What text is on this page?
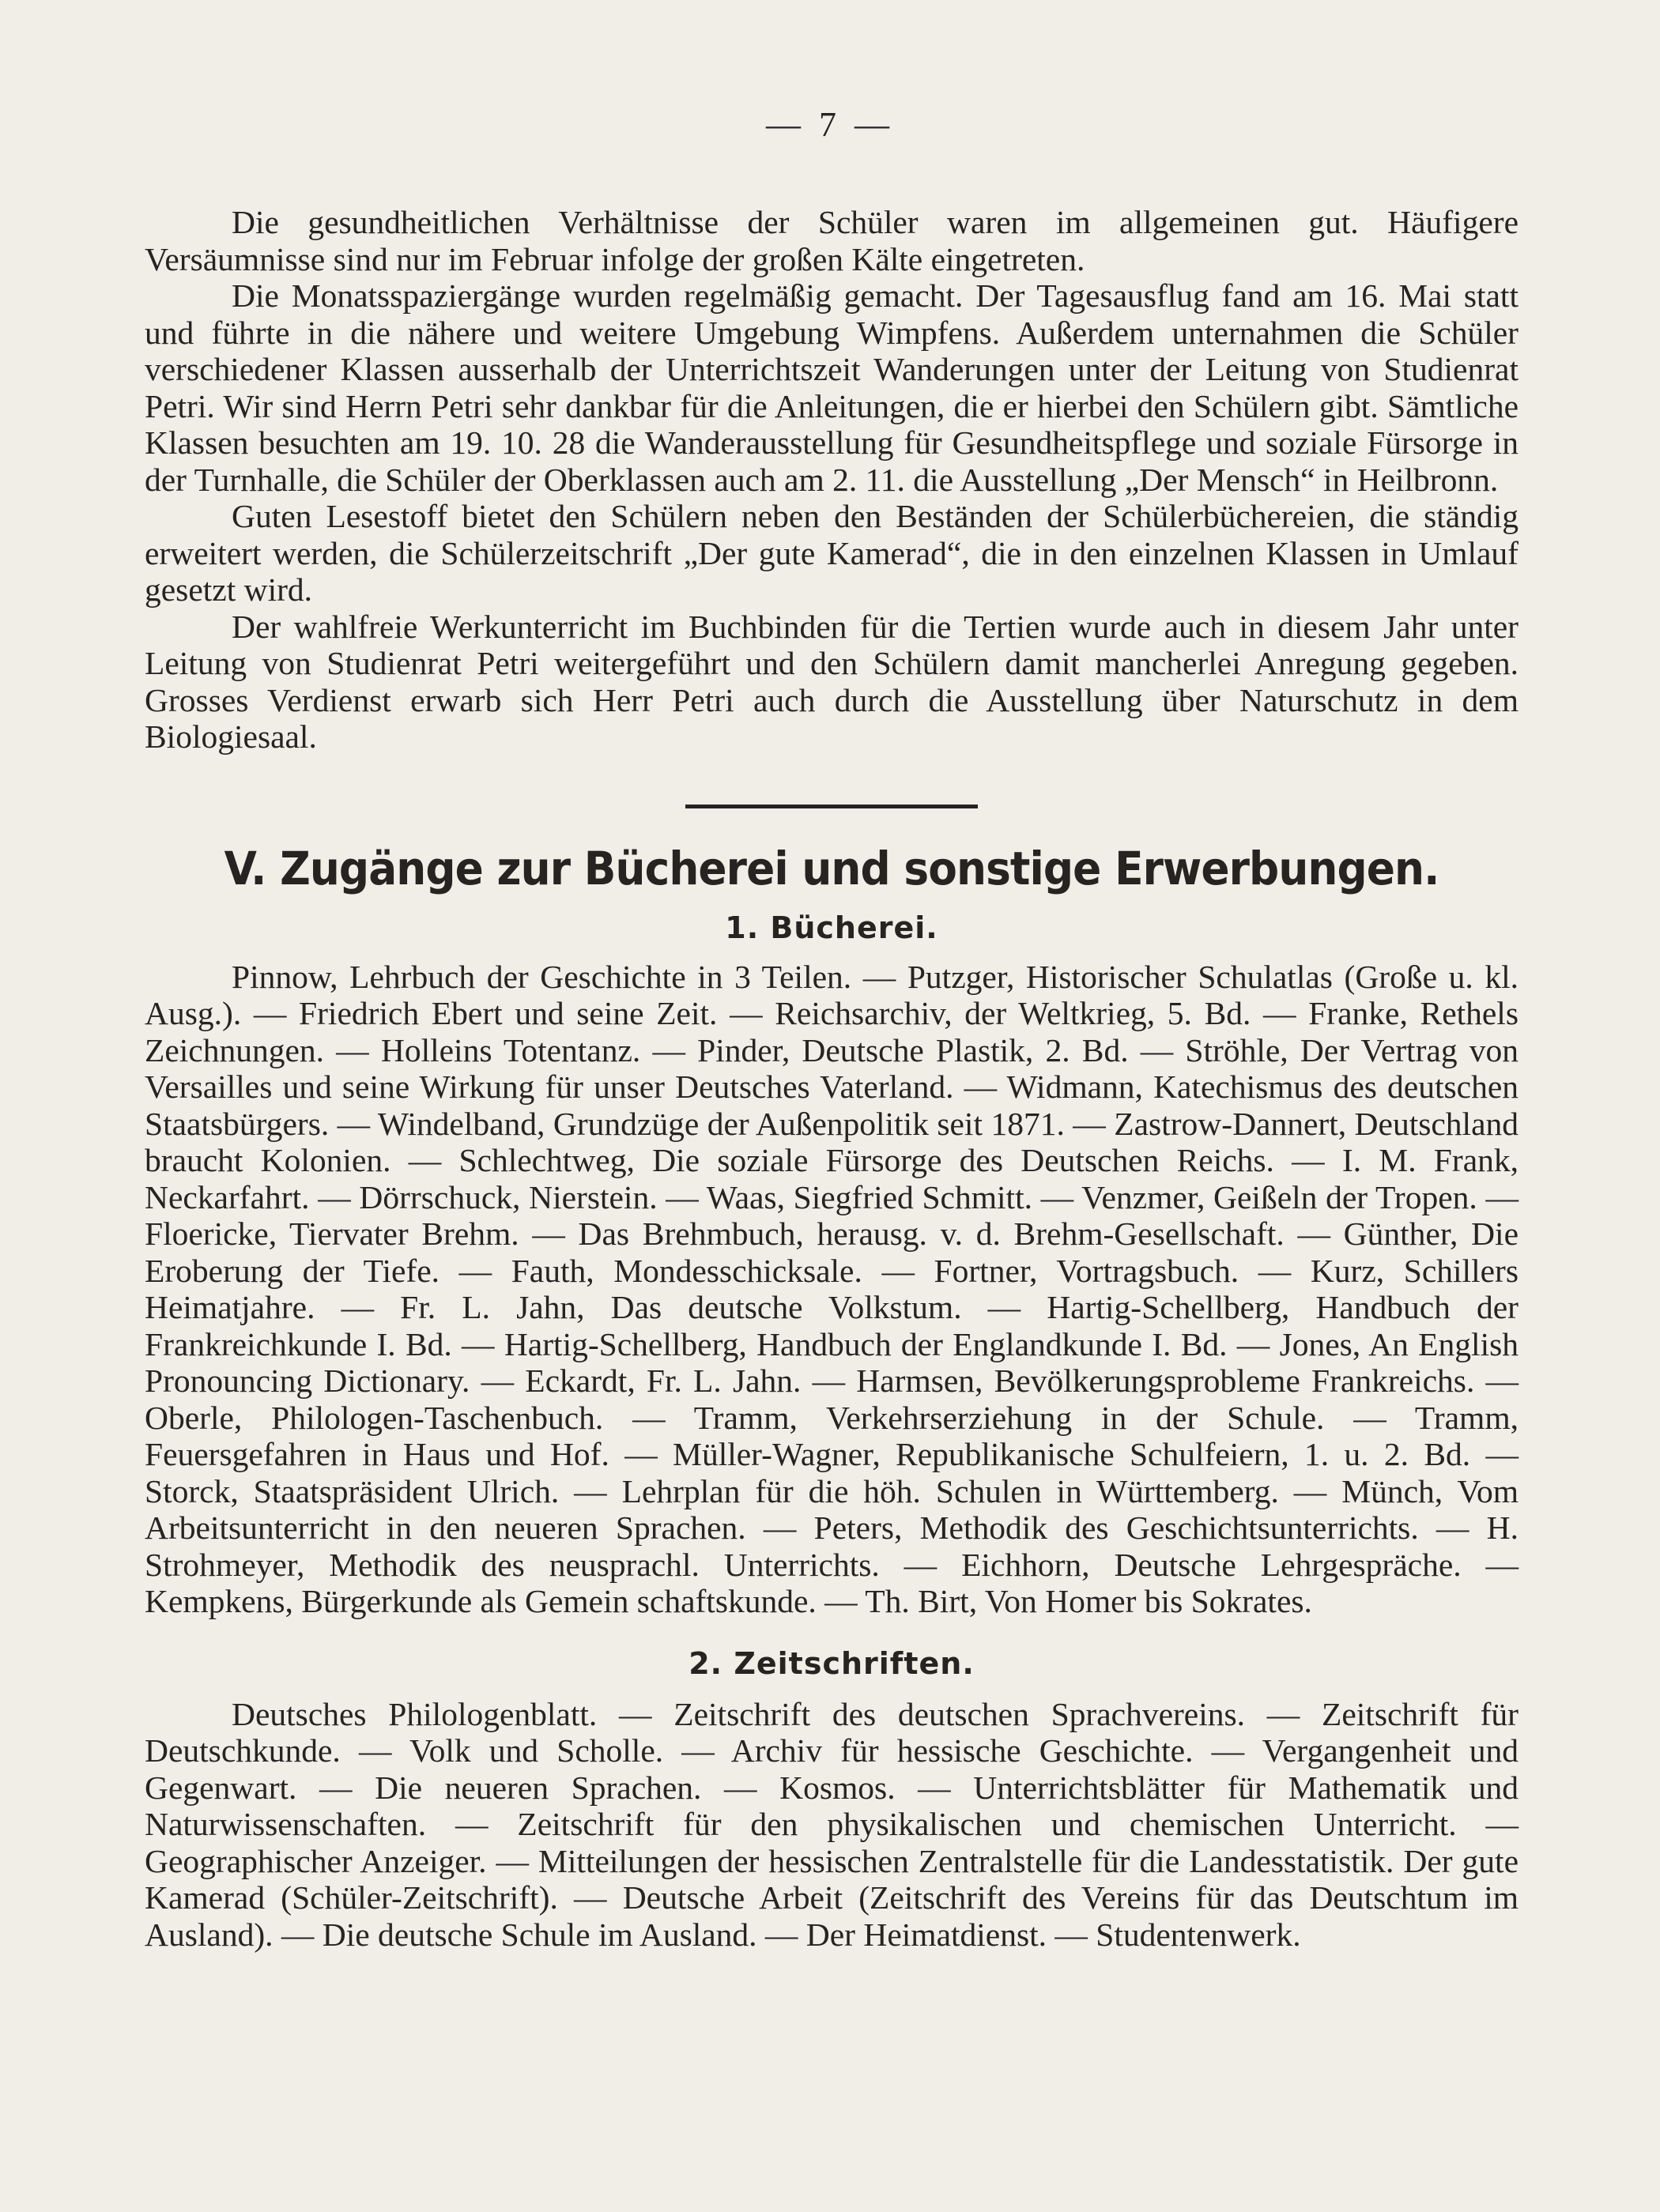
— 7 —

Die gesundheitlichen Verhältnisse der Schüler waren im allgemeinen gut. Häufigere Versäumnisse sind nur im Februar infolge der großen Kälte eingetreten.

Die Monatsspaziergänge wurden regelmäßig gemacht. Der Tagesausflug fand am 16. Mai statt und führte in die nähere und weitere Umgebung Wimpfens. Außerdem unternahmen die Schüler verschiedener Klassen ausserhalb der Unterrichtszeit Wanderungen unter der Leitung von Studienrat Petri. Wir sind Herrn Petri sehr dankbar für die Anleitungen, die er hierbei den Schülern gibt. Sämtliche Klassen besuchten am 19. 10. 28 die Wanderausstellung für Gesundheitspflege und soziale Fürsorge in der Turnhalle, die Schüler der Oberklassen auch am 2. 11. die Ausstellung „Der Mensch“ in Heilbronn.

Guten Lesestoff bietet den Schülern neben den Beständen der Schülerbüchereien, die ständig erweitert werden, die Schülerzeitschrift „Der gute Kamerad“, die in den einzelnen Klassen in Umlauf gesetzt wird.

Der wahlfreie Werkunterricht im Buchbinden für die Tertien wurde auch in diesem Jahr unter Leitung von Studienrat Petri weitergeführt und den Schülern damit mancherlei Anregung gegeben. Grosses Verdienst erwarb sich Herr Petri auch durch die Ausstellung über Naturschutz in dem Biologiesaal.

V. Zugänge zur Bücherei und sonstige Erwerbungen.
1. Bücherei.

Pinnow, Lehrbuch der Geschichte in 3 Teilen. — Putzger, Historischer Schulatlas (Große u. kl. Ausg.). — Friedrich Ebert und seine Zeit. — Reichsarchiv, der Weltkrieg, 5. Bd. — Franke, Rethels Zeichnungen. — Holleins Totentanz. — Pinder, Deutsche Plastik, 2. Bd. — Ströhle, Der Vertrag von Versailles und seine Wirkung für unser Deutsches Vaterland. — Widmann, Katechismus des deutschen Staatsbürgers. — Windelband, Grundzüge der Außenpolitik seit 1871. — Zastrow-Dannert, Deutschland braucht Kolonien. — Schlechtweg, Die soziale Fürsorge des Deutschen Reichs. — I. M. Frank, Neckarfahrt. — Dörrschuck, Nierstein. — Waas, Siegfried Schmitt. — Venzmer, Geißeln der Tropen. — Floericke, Tiervater Brehm. — Das Brehmbuch, herausg. v. d. Brehm-Gesellschaft. — Günther, Die Eroberung der Tiefe. — Fauth, Mondesschicksale. — Fortner, Vortragsbuch. — Kurz, Schillers Heimatjahre. — Fr. L. Jahn, Das deutsche Volkstum. — Hartig-Schellberg, Handbuch der Frankreichkunde I. Bd. — Hartig-Schellberg, Handbuch der Englandkunde I. Bd. — Jones, An English Pronouncing Dictionary. — Eckardt, Fr. L. Jahn. — Harmsen, Bevölkerungsprobleme Frankreichs. — Oberle, Philologen-Taschenbuch. — Tramm, Verkehrserziehung in der Schule. — Tramm, Feuersgefahren in Haus und Hof. — Müller-Wagner, Republikanische Schulfeiern, 1. u. 2. Bd. — Storck, Staatspräsident Ulrich. — Lehrplan für die höh. Schulen in Württemberg. — Münch, Vom Arbeitsunterricht in den neueren Sprachen. — Peters, Methodik des Geschichtsunterrichts. — H. Strohmeyer, Methodik des neusprachl. Unterrichts. — Eichhorn, Deutsche Lehrgespräche. — Kempkens, Bürgerkunde als Gemein schaftskunde. — Th. Birt, Von Homer bis Sokrates.

2. Zeitschriften.

Deutsches Philologenblatt. — Zeitschrift des deutschen Sprachvereins. — Zeitschrift für Deutschkunde. — Volk und Scholle. — Archiv für hessische Geschichte. — Vergangenheit und Gegenwart. — Die neueren Sprachen. — Kosmos. — Unterrichtsblätter für Mathematik und Naturwissenschaften. — Zeitschrift für den physikalischen und chemischen Unterricht. — Geographischer Anzeiger. — Mitteilungen der hessischen Zentralstelle für die Landesstatistik. Der gute Kamerad (Schüler-Zeitschrift). — Deutsche Arbeit (Zeitschrift des Vereins für das Deutschtum im Ausland). — Die deutsche Schule im Ausland. — Der Heimatdienst. — Studentenwerk.
